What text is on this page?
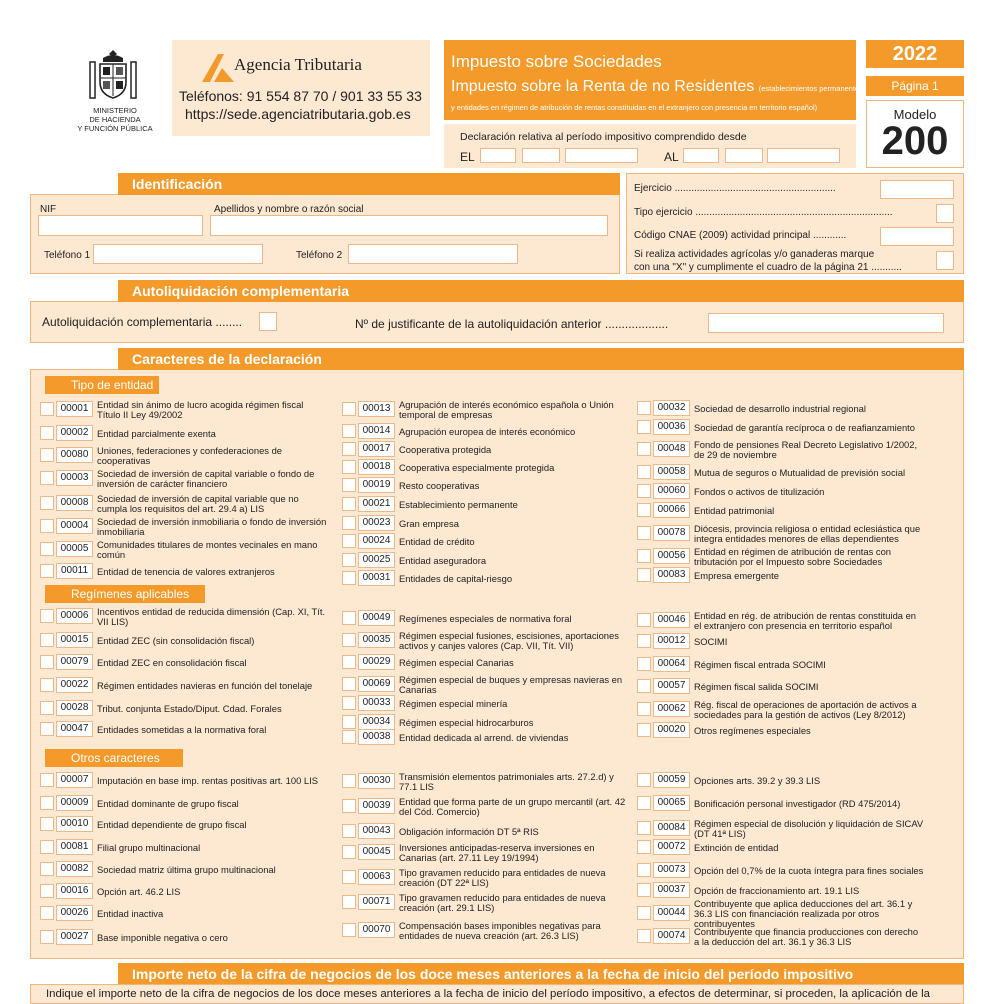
MINISTERIO
DE HACIENDA
Y FUNCIÓN PÚBLICA
Agencia Tributaria
Teléfonos: 91 554 87 70 / 901 33 55 33
https://sede.agenciatributaria.gob.es
Impuesto sobre Sociedades
Impuesto sobre la Renta de no Residentes (establecimientos permanentes
y entidades en régimen de atribución de rentas constituidas en el extranjero con presencia en territorio español)
Declaración relativa al período impositivo comprendido desde
EL	AL
2022
Página 1
Modelo
200
Identificación
NIF	Apellidos y nombre o razón social
Teléfono 1	Teléfono 2
Ejercicio ..........................................................
Tipo ejercicio .......................................................................
Código CNAE (2009) actividad principal ............
Si realiza actividades agrícolas y/o ganaderas marque
con una "X" y cumplimente el cuadro de la página 21 ...........
Autoliquidación complementaria
Autoliquidación complementaria ........	Nº de justificante de la autoliquidación anterior ...................
Caracteres de la declaración
Tipo de entidad
Regímenes aplicables
Otros caracteres
00001 Entidad sin ánimo de lucro acogida régimen fiscal Título II Ley 49/2002
00002 Entidad parcialmente exenta
00080 Uniones, federaciones y confederaciones de cooperativas
00003 Sociedad de inversión de capital variable o fondo de inversión de carácter financiero
00008 Sociedad de inversión de capital variable que no cumpla los requisitos del art. 29.4 a) LIS
00004 Sociedad de inversión inmobiliaria o fondo de inversión inmobiliaria
00005 Comunidades titulares de montes vecinales en mano común
00011 Entidad de tenencia de valores extranjeros
00013 Agrupación de interés económico española o Unión temporal de empresas
00014 Agrupación europea de interés económico
00017 Cooperativa protegida
00018 Cooperativa especialmente protegida
00019 Resto cooperativas
00021 Establecimiento permanente
00023 Gran empresa
00024 Entidad de crédito
00025 Entidad aseguradora
00031 Entidades de capital-riesgo
00032 Sociedad de desarrollo industrial regional
00036 Sociedad de garantía recíproca o de reafianzamiento
00048 Fondo de pensiones Real Decreto Legislativo 1/2002, de 29 de noviembre
00058 Mutua de seguros o Mutualidad de previsión social
00060 Fondos o activos de titulización
00066 Entidad patrimonial
00078 Diócesis, provincia religiosa o entidad eclesiástica que integra entidades menores de ellas dependientes
00056 Entidad en régimen de atribución de rentas con tributación por el Impuesto sobre Sociedades
00083 Empresa emergente
00006 Incentivos entidad de reducida dimensión (Cap. XI, Tít. VII LIS)
00015 Entidad ZEC (sin consolidación fiscal)
00079 Entidad ZEC en consolidación fiscal
00022 Régimen entidades navieras en función del tonelaje
00028 Tribut. conjunta Estado/Diput. Cdad. Forales
00047 Entidades sometidas a la normativa foral
00049 Regímenes especiales de normativa foral
00035 Régimen especial fusiones, escisiones, aportaciones activos y canjes valores (Cap. VII, Tít. VII)
00029 Régimen especial Canarias
00069 Régimen especial de buques y empresas navieras en Canarias
00033 Régimen especial minería
00034 Régimen especial hidrocarburos
00038 Entidad dedicada al arrend. de viviendas
00046 Entidad en rég. de atribución de rentas constituida en el extranjero con presencia en territorio español
00012 SOCIMI
00064 Régimen fiscal entrada SOCIMI
00057 Régimen fiscal salida SOCIMI
00062 Rég. fiscal de operaciones de aportación de activos a sociedades para la gestión de activos (Ley 8/2012)
00020 Otros regímenes especiales
00007 Imputación en base imp. rentas positivas art. 100 LIS
00009 Entidad dominante de grupo fiscal
00010 Entidad dependiente de grupo fiscal
00081 Filial grupo multinacional
00082 Sociedad matriz última grupo multinacional
00016 Opción art. 46.2 LIS
00026 Entidad inactiva
00027 Base imponible negativa o cero
00030 Transmisión elementos patrimoniales arts. 27.2.d) y 77.1 LIS
00039 Entidad que forma parte de un grupo mercantil (art. 42 del Cód. Comercio)
00043 Obligación información DT 5ª RIS
00045 Inversiones anticipadas-reserva inversiones en Canarias (art. 27.11 Ley 19/1994)
00063 Tipo gravamen reducido para entidades de nueva creación (DT 22ª LIS)
00071 Tipo gravamen reducido para entidades de nueva creación (art. 29.1 LIS)
00070 Compensación bases imponibles negativas para entidades de nueva creación (art. 26.3 LIS)
00059 Opciones arts. 39.2 y 39.3 LIS
00065 Bonificación personal investigador (RD 475/2014)
00084 Régimen especial de disolución y liquidación de SICAV (DT 41ª LIS)
00072 Extinción de entidad
00073 Opción del 0,7% de la cuota íntegra para fines sociales
00037 Opción de fraccionamiento art. 19.1 LIS
00044
Contribuyente que aplica deducciones del art. 36.1 y 36.3 LIS con financiación realizada por otros contribuyentes
00074 Contribuyente que financia producciones con derecho a la deducción del art. 36.1 y 36.3 LIS
Importe neto de la cifra de negocios de los doce meses anteriores a la fecha de inicio del período impositivo
Indique el importe neto de la cifra de negocios de los doce meses anteriores a la fecha de inicio del período impositivo, a efectos de determinar, si proceden, la aplicación de la
